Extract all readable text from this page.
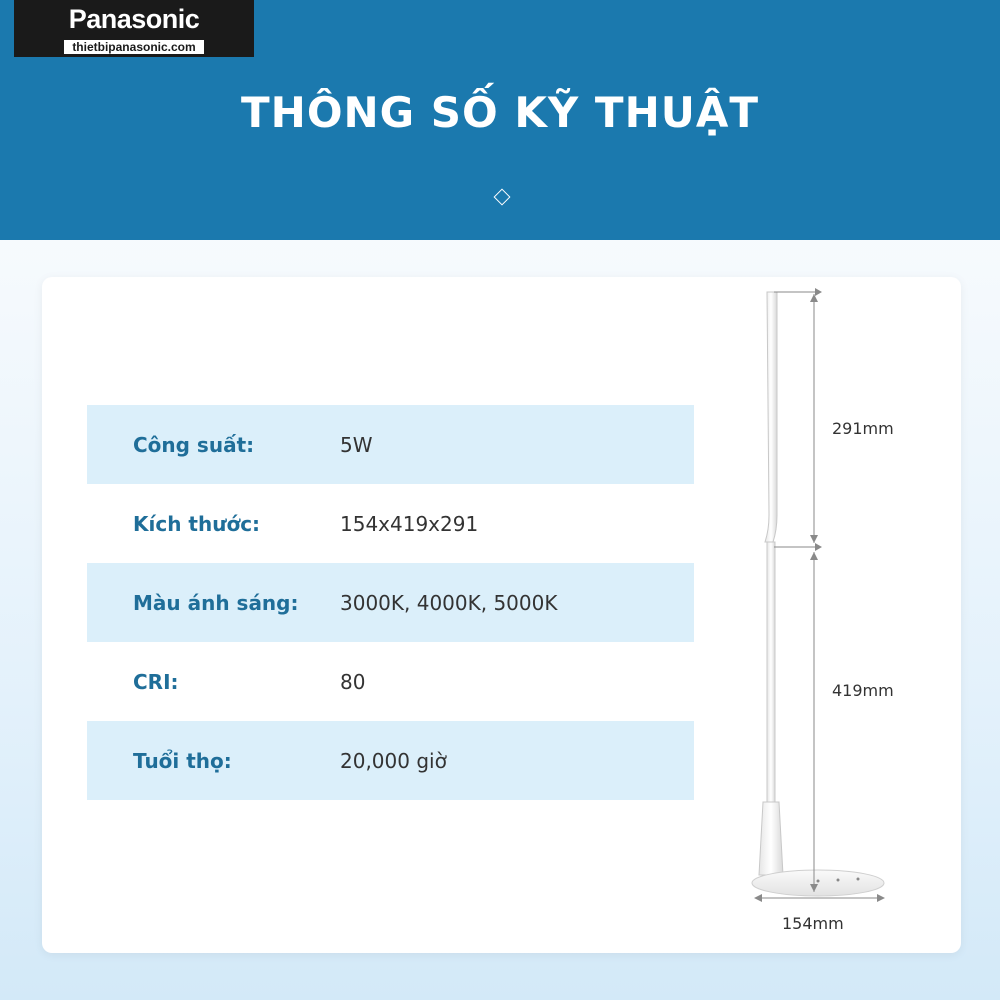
Panasonic
thietbipanasonic.com
THÔNG SỐ KỸ THUẬT
Công suất:	5W
Kích thước:	154x419x291
Màu ánh sáng: 3000K, 4000K, 5000K
CRI:	80
Tuổi thọ:	20,000 giờ
291mm
419mm
154mm
